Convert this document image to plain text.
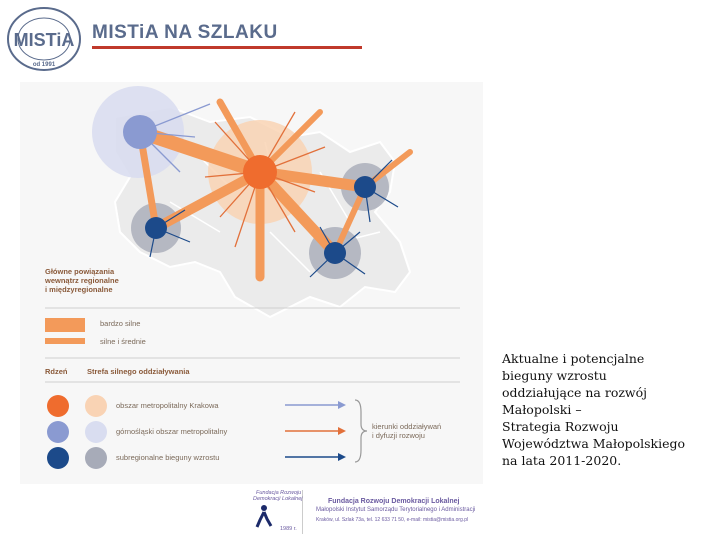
MISTiA
od 1991
MISTiA NA SZLAKU
Główne powiązania
wewnątrz regionalne
i międzyregionalne
bardzo silne
silne i średnie
Rdzeń	Strefa silnego oddziaływania
obszar metropolitalny Krakowa
górnośląski obszar metropolitalny
subregionalne bieguny wzrostu
kierunki oddziaływań
i dyfuzji rozwoju
Aktualne i potencjalne
bieguny wzrostu
oddziałujące na rozwój
Małopolski –
Strategia Rozwoju
Województwa Małopolskiego
na lata 2011-2020.
Fundacja Rozwoju
Demokracji Lokalnej
1989 r.
Fundacja Rozwoju Demokracji Lokalnej
Małopolski Instytut Samorządu Terytorialnego i Administracji
Kraków, ul. Szlak 73a, tel. 12 633 71 50, e-mail: mistia@mistia.org.pl
